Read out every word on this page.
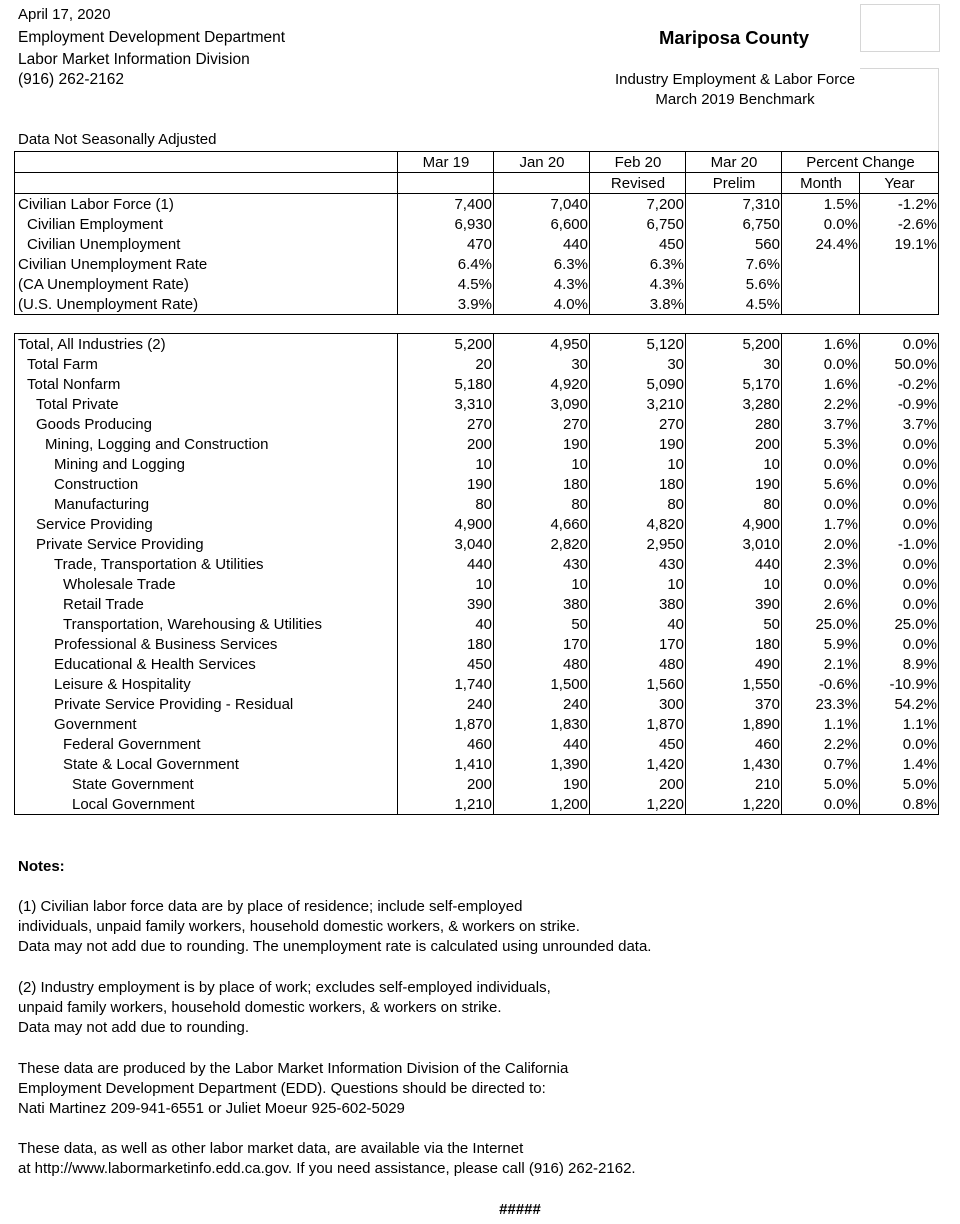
April 17, 2020
Employment Development Department
Labor Market Information Division
(916) 262-2162
Mariposa County
Industry Employment & Labor Force
March 2019 Benchmark
Data Not Seasonally Adjusted
	Mar 19	Jan 20	Feb 20	Mar 20	Percent Change	
			Revised	Prelim	Month	Year
Civilian Labor Force (1)	7,400	7,040	7,200	7,310	1.5%	-1.2%
Civilian Employment	6,930	6,600	6,750	6,750	0.0%	-2.6%
Civilian Unemployment	470	440	450	560	24.4%	19.1%
Civilian Unemployment Rate	6.4%	6.3%	6.3%	7.6%		
(CA Unemployment Rate)	4.5%	4.3%	4.3%	5.6%		
(U.S. Unemployment Rate)	3.9%	4.0%	3.8%	4.5%		
Total, All Industries (2)	5,200	4,950	5,120	5,200	1.6%	0.0%
Total Farm	20	30	30	30	0.0%	50.0%
Total Nonfarm	5,180	4,920	5,090	5,170	1.6%	-0.2%
Total Private	3,310	3,090	3,210	3,280	2.2%	-0.9%
Goods Producing	270	270	270	280	3.7%	3.7%
Mining, Logging and Construction	200	190	190	200	5.3%	0.0%
Mining and Logging	10	10	10	10	0.0%	0.0%
Construction	190	180	180	190	5.6%	0.0%
Manufacturing	80	80	80	80	0.0%	0.0%
Service Providing	4,900	4,660	4,820	4,900	1.7%	0.0%
Private Service Providing	3,040	2,820	2,950	3,010	2.0%	-1.0%
Trade, Transportation & Utilities	440	430	430	440	2.3%	0.0%
Wholesale Trade	10	10	10	10	0.0%	0.0%
Retail Trade	390	380	380	390	2.6%	0.0%
Transportation, Warehousing & Utilities	40	50	40	50	25.0%	25.0%
Professional & Business Services	180	170	170	180	5.9%	0.0%
Educational & Health Services	450	480	480	490	2.1%	8.9%
Leisure & Hospitality	1,740	1,500	1,560	1,550	-0.6%	-10.9%
Private Service Providing - Residual	240	240	300	370	23.3%	54.2%
Government	1,870	1,830	1,870	1,890	1.1%	1.1%
Federal Government	460	440	450	460	2.2%	0.0%
State & Local Government	1,410	1,390	1,420	1,430	0.7%	1.4%
State Government	200	190	200	210	5.0%	5.0%
Local Government	1,210	1,200	1,220	1,220	0.0%	0.8%
Notes:
(1) Civilian labor force data are by place of residence; include self-employed
individuals, unpaid family workers, household domestic workers, & workers on strike.
Data may not add due to rounding. The unemployment rate is calculated using unrounded data.
(2) Industry employment is by place of work; excludes self-employed individuals,
unpaid family workers, household domestic workers, & workers on strike.
Data may not add due to rounding.
These data are produced by the Labor Market Information Division of the California
Employment Development Department (EDD). Questions should be directed to:
Nati Martinez 209-941-6551 or Juliet Moeur 925-602-5029
These data, as well as other labor market data, are available via the Internet
at http://www.labormarketinfo.edd.ca.gov. If you need assistance, please call (916) 262-2162.
#####
